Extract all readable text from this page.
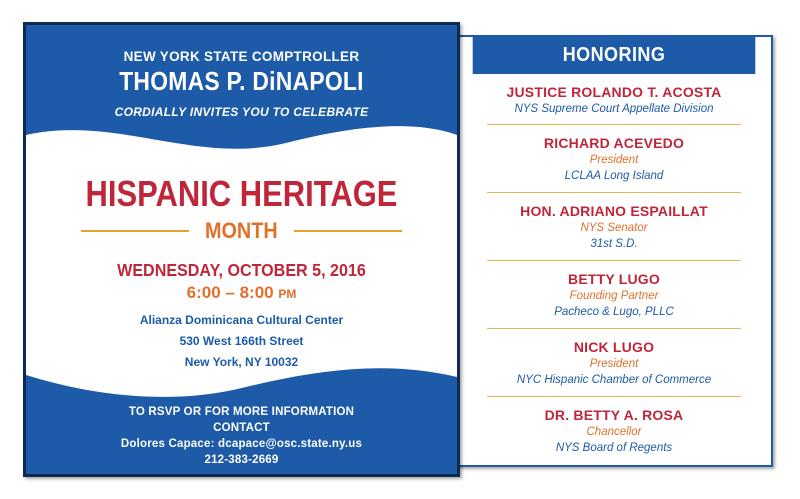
HONORING
JUSTICE ROLANDO T. ACOSTA
NYS Supreme Court Appellate Division
RICHARD ACEVEDO
President
LCLAA Long Island
HON. ADRIANO ESPAILLAT
NYS Senator
31st S.D.
BETTY LUGO
Founding Partner
Pacheco & Lugo, PLLC
NICK LUGO
President
NYC Hispanic Chamber of Commerce
DR. BETTY A. ROSA
Chancellor
NYS Board of Regents
NEW YORK STATE COMPTROLLER
THOMAS P. DiNAPOLI
CORDIALLY INVITES YOU TO CELEBRATE
HISPANIC HERITAGE
MONTH
WEDNESDAY, OCTOBER 5, 2016
6:00 – 8:00 PM
Alianza Dominicana Cultural Center
530 West 166th Street
New York, NY 10032
TO RSVP OR FOR MORE INFORMATION
CONTACT
Dolores Capace: dcapace@osc.state.ny.us
212-383-2669
